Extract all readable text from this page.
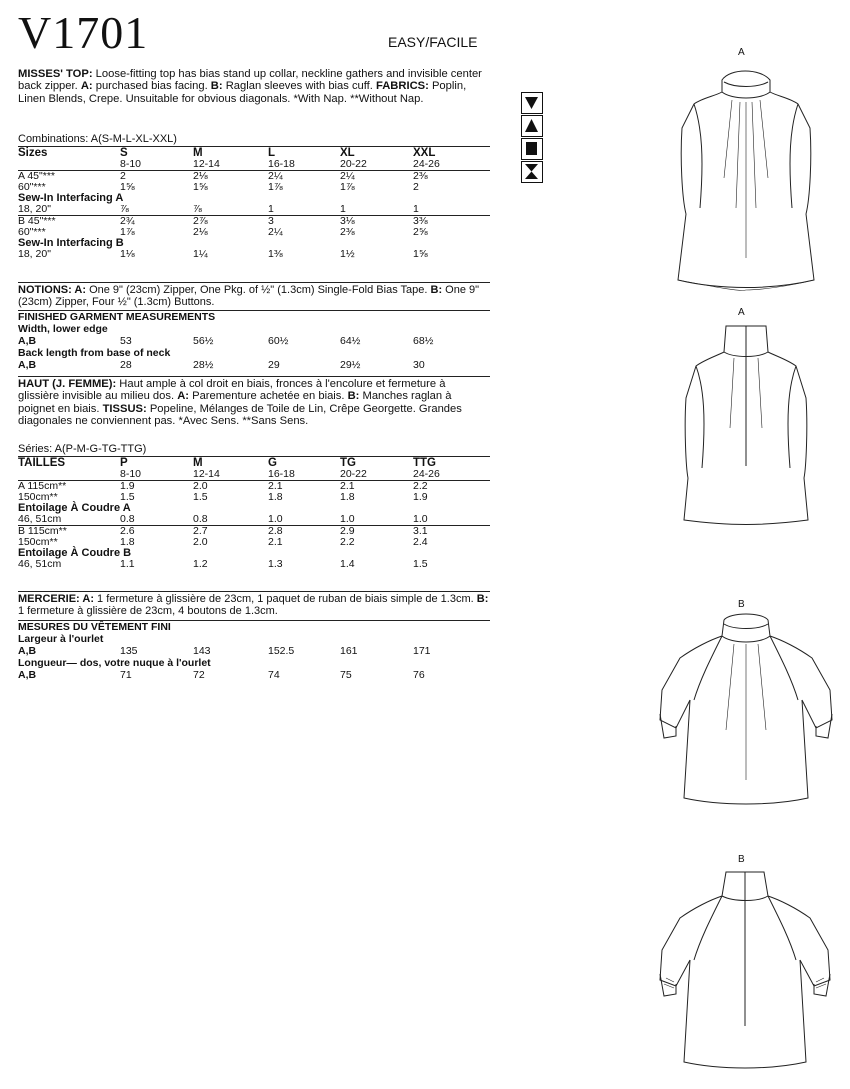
V1701	EASY/FACILE
MISSES' TOP: Loose-fitting top has bias stand up collar, neckline gathers and invisible center back zipper. A: purchased bias facing. B: Raglan sleeves with bias cuff. FABRICS: Poplin, Linen Blends, Crepe. Unsuitable for obvious diagonals. *With Nap. **Without Nap.
Combinations: A(S-M-L-XL-XXL)
Sizes	S	M	L	XL	XXL
	8-10	12-14	16-18	20-22	24-26
A 45"***	2	2⅛	2¼	2¼	2⅜
60"***	1⅝	1⅝	1⅞	1⅞	2
Sew-In Interfacing A					
18, 20"	⅞	⅞	1	1	1
B 45"***	2¾	2⅞	3	3⅛	3⅜
60"***	1⅞	2⅛	2¼	2⅜	2⅝
Sew-In Interfacing B					
18, 20"	1⅛	1¼	1⅜	1½	1⅝
NOTIONS: A: One 9" (23cm) Zipper, One Pkg. of ½" (1.3cm) Single-Fold Bias Tape. B: One 9" (23cm) Zipper, Four ½" (1.3cm) Buttons.
FINISHED GARMENT MEASUREMENTS
Width, lower edge
A,B	53	56½	60½	64½	68½
Back length from base of neck
A,B	28	28½	29	29½	30
HAUT (J. FEMME): Haut ample à col droit en biais, fronces à l'encolure et fermeture à glissière invisible au milieu dos. A: Parementure achetée en biais. B: Manches raglan à poignet en biais. TISSUS: Popeline, Mélanges de Toile de Lin, Crêpe Georgette. Grandes diagonales ne conviennent pas. *Avec Sens. **Sans Sens.
Séries: A(P-M-G-TG-TTG)
TAILLES	P	M	G	TG	TTG
	8-10	12-14	16-18	20-22	24-26
A 115cm**	1.9	2.0	2.1	2.1	2.2
150cm**	1.5	1.5	1.8	1.8	1.9
Entoilage À Coudre A					
46, 51cm	0.8	0.8	1.0	1.0	1.0
B 115cm**	2.6	2.7	2.8	2.9	3.1
150cm**	1.8	2.0	2.1	2.2	2.4
Entoilage À Coudre B					
46, 51cm	1.1	1.2	1.3	1.4	1.5
MERCERIE: A: 1 fermeture à glissière de 23cm, 1 paquet de ruban de biais simple de 1.3cm. B: 1 fermeture à glissière de 23cm, 4 boutons de 1.3cm.
MESURES DU VÊTEMENT FINI
Largeur à l'ourlet
A,B	135	143	152.5	161	171
Longueur— dos, votre nuque à l'ourlet
A,B	71	72	74	75	76
A
A
B
B
